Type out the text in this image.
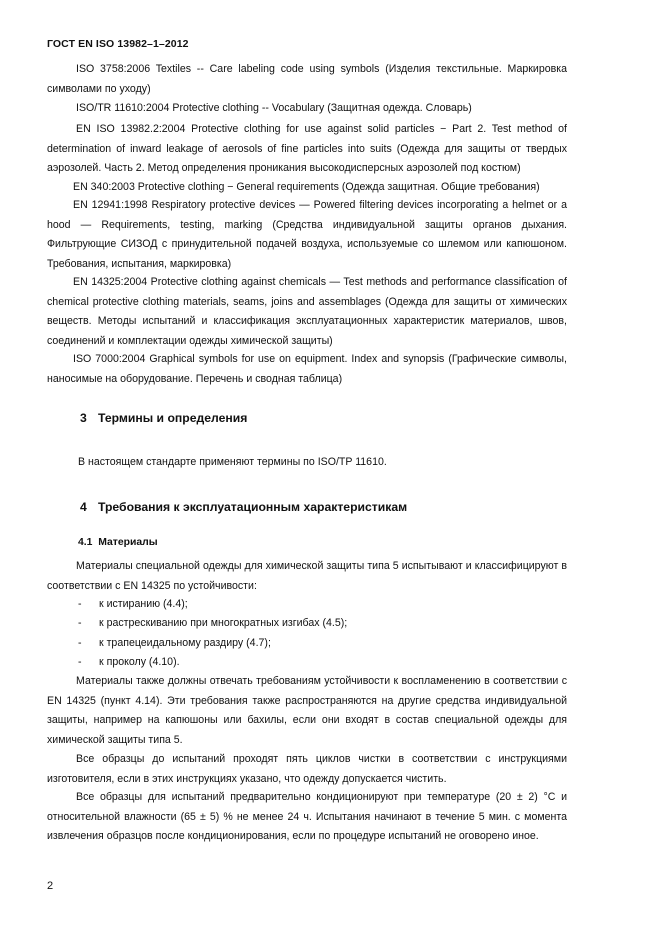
ГОСТ EN ISO 13982–1–2012
ISO 3758:2006 Textiles -- Care labeling code using symbols (Изделия текстильные. Маркировка символами по уходу)
ISO/TR 11610:2004 Protective clothing -- Vocabulary (Защитная одежда. Словарь)
EN ISO 13982.2:2004 Protective clothing for use against solid particles − Part 2. Test method of determination of inward leakage of aerosols of fine particles into suits (Одежда для защиты от твердых аэрозолей. Часть 2. Метод определения проникания высокодисперсных аэрозолей под костюм)
EN 340:2003 Protective clothing − General requirements (Одежда защитная. Общие требования)
EN 12941:1998 Respiratory protective devices — Powered filtering devices incorporating a helmet or a hood — Requirements, testing, marking (Средства индивидуальной защиты органов дыхания. Фильтрующие СИЗОД с принудительной подачей воздуха, используемые со шлемом или капюшоном. Требования, испытания, маркировка)
EN 14325:2004 Protective clothing against chemicals — Test methods and performance classification of chemical protective clothing materials, seams, joins and assemblages (Одежда для защиты от химических веществ. Методы испытаний и классификация эксплуатационных характеристик материалов, швов, соединений и комплектации одежды химической защиты)
ISO 7000:2004 Graphical symbols for use on equipment. Index and synopsis (Графические символы, наносимые на оборудование. Перечень и сводная таблица)
3 Термины и определения
В настоящем стандарте применяют термины по ISO/TP 11610.
4 Требования к эксплуатационным характеристикам
4.1 Материалы
Материалы специальной одежды для химической защиты типа 5 испытывают и классифицируют в соответствии с EN 14325 по устойчивости:
- к истиранию (4.4);
- к растрескиванию при многократных изгибах (4.5);
- к трапецеидальному раздиру (4.7);
- к проколу (4.10).
Материалы также должны отвечать требованиям устойчивости к воспламенению в соответствии с EN 14325 (пункт 4.14). Эти требования также распространяются на другие средства индивидуальной защиты, например на капюшоны или бахилы, если они входят в состав специальной одежды для химической защиты типа 5.
Все образцы до испытаний проходят пять циклов чистки в соответствии с инструкциями изготовителя, если в этих инструкциях указано, что одежду допускается чистить.
Все образцы для испытаний предварительно кондиционируют при температуре (20 ± 2) °С и относительной влажности (65 ± 5) % не менее 24 ч. Испытания начинают в течение 5 мин. с момента извлечения образцов после кондиционирования, если по процедуре испытаний не оговорено иное.
2
